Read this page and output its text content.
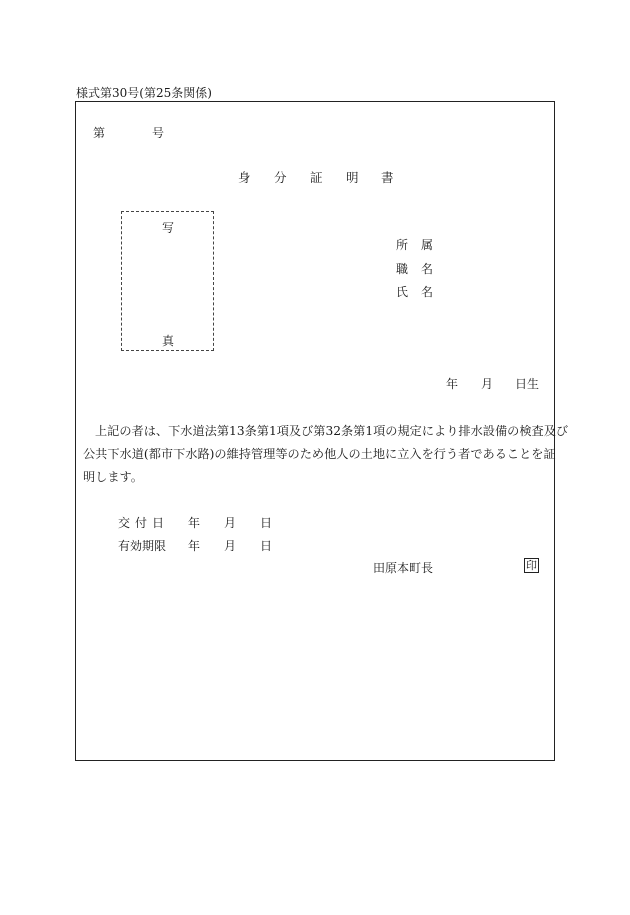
様式第30号(第25条関係)
第	号
身 分 証 明 書
写
真
所 属
職 名
氏 名
年 月 日生
上記の者は、下水道法第13条第1項及び第32条第1項の規定により排水設備の検査及び
公共下水道(都市下水路)の維持管理等のため他人の土地に立入を行う者であることを証
明します。
交 付 日 年 月 日
有効期限 年 月 日
田原本町長	印
